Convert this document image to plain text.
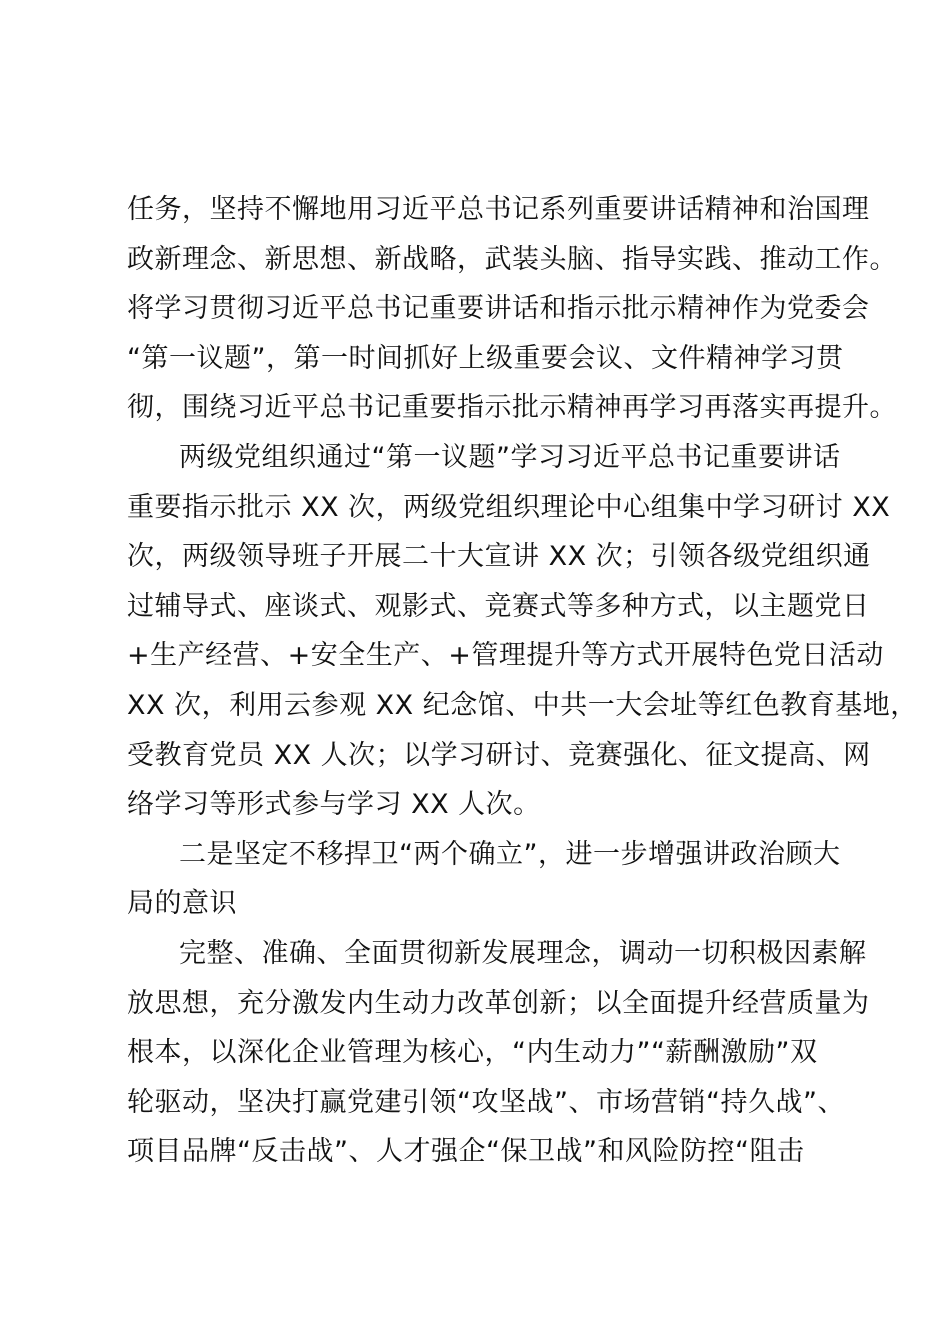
任务，坚持不懈地用习近平总书记系列重要讲话精神和治国理
政新理念、新思想、新战略，武装头脑、指导实践、推动工作。
将学习贯彻习近平总书记重要讲话和指示批示精神作为党委会
“第一议题”，第一时间抓好上级重要会议、文件精神学习贯
彻，围绕习近平总书记重要指示批示精神再学习再落实再提升。
两级党组织通过“第一议题”学习习近平总书记重要讲话
重要指示批示 XX 次，两级党组织理论中心组集中学习研讨 XX
次，两级领导班子开展二十大宣讲 XX 次；引领各级党组织通
过辅导式、座谈式、观影式、竞赛式等多种方式，以主题党日
+生产经营、+安全生产、+管理提升等方式开展特色党日活动
XX 次，利用云参观 XX 纪念馆、中共一大会址等红色教育基地，
受教育党员 XX 人次；以学习研讨、竞赛强化、征文提高、网
络学习等形式参与学习 XX 人次。
二是坚定不移捍卫“两个确立”，进一步增强讲政治顾大
局的意识
完整、准确、全面贯彻新发展理念，调动一切积极因素解
放思想，充分激发内生动力改革创新；以全面提升经营质量为
根本，以深化企业管理为核心，“内生动力”“薪酬激励”双
轮驱动，坚决打赢党建引领“攻坚战”、市场营销“持久战”、
项目品牌“反击战”、人才强企“保卫战”和风险防控“阻击
